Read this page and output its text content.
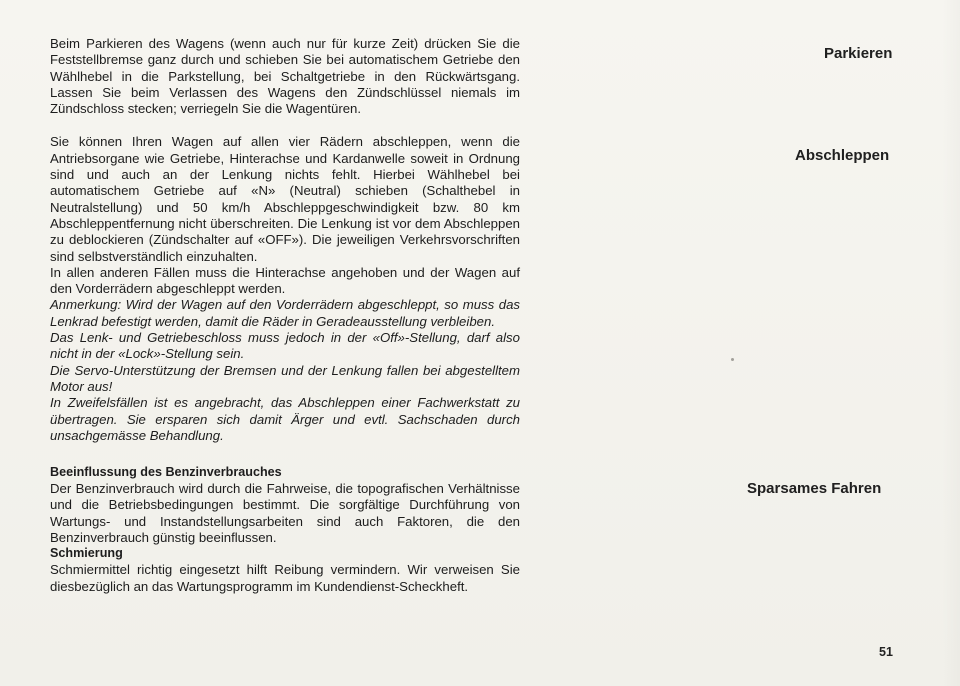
Beim Parkieren des Wagens (wenn auch nur für kurze Zeit) drücken Sie die Feststellbremse ganz durch und schieben Sie bei automatischem Getriebe den Wählhebel in die Parkstellung, bei Schaltgetriebe in den Rückwärtsgang. Lassen Sie beim Verlassen des Wagens den Zündschlüssel niemals im Zündschloss stecken; verriegeln Sie die Wagentüren.

Sie können Ihren Wagen auf allen vier Rädern abschleppen, wenn die Antriebsorgane wie Getriebe, Hinterachse und Kardanwelle soweit in Ordnung sind und auch an der Lenkung nichts fehlt. Hierbei Wählhebel bei automatischem Getriebe auf «N» (Neutral) schieben (Schalthebel in Neutralstellung) und 50 km/h Abschleppgeschwindigkeit bzw. 80 km Abschleppentfernung nicht überschreiten. Die Lenkung ist vor dem Abschleppen zu deblockieren (Zündschalter auf «OFF»). Die jeweiligen Verkehrsvorschriften sind selbstverständlich einzuhalten.

In allen anderen Fällen muss die Hinterachse angehoben und der Wagen auf den Vorderrädern abgeschleppt werden.

Anmerkung: Wird der Wagen auf den Vorderrädern abgeschleppt, so muss das Lenkrad befestigt werden, damit die Räder in Geradeausstellung verbleiben.

Das Lenk- und Getriebeschloss muss jedoch in der «Off»-Stellung, darf also nicht in der «Lock»-Stellung sein.

Die Servo-Unterstützung der Bremsen und der Lenkung fallen bei abgestelltem Motor aus!

In Zweifelsfällen ist es angebracht, das Abschleppen einer Fachwerkstatt zu übertragen. Sie ersparen sich damit Ärger und evtl. Sachschaden durch unsachgemässe Behandlung.

Beeinflussung des Benzinverbrauches

Der Benzinverbrauch wird durch die Fahrweise, die topografischen Verhältnisse und die Betriebsbedingungen bestimmt. Die sorgfältige Durchführung von Wartungs- und Instandstellungsarbeiten sind auch Faktoren, die den Benzinverbrauch günstig beeinflussen.

Schmierung

Schmiermittel richtig eingesetzt hilft Reibung vermindern. Wir verweisen Sie diesbezüglich an das Wartungsprogramm im Kundendienst-Scheckheft.

Parkieren
Abschleppen
Sparsames Fahren
51
